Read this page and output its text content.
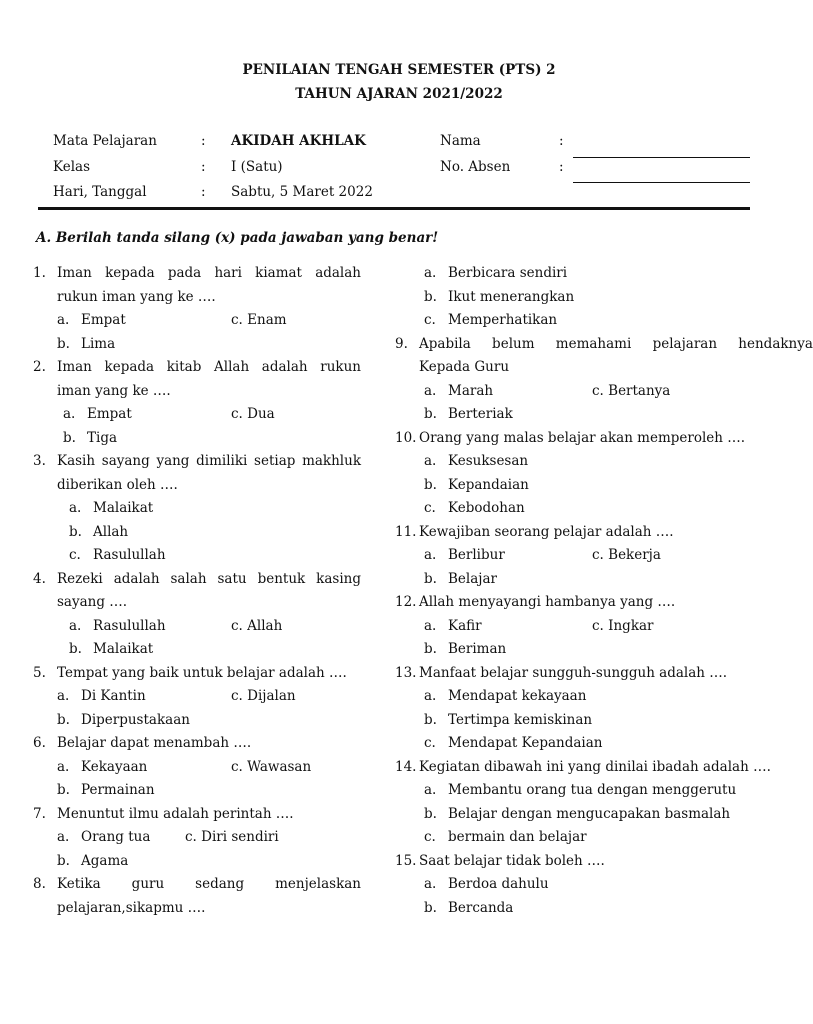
PENILAIAN TENGAH SEMESTER (PTS) 2
TAHUN AJARAN 2021/2022
Mata Pelajaran	: AKIDAH AKHLAK
Kelas	: I (Satu)
Hari, Tanggal	: Sabtu, 5 Maret 2022
Nama	:
No. Absen	:
A. Berilah tanda silang (x) pada jawaban yang benar!
1. Iman kepada pada hari kiamat adalah
rukun iman yang ke ….
a. Empat	c. Enam
b. Lima
2. Iman kepada kitab Allah adalah rukun
iman yang ke ….
a. Empat	c. Dua
b. Tiga
3. Kasih sayang yang dimiliki setiap makhluk
diberikan oleh ….
a. Malaikat
b. Allah
c. Rasulullah
4. Rezeki adalah salah satu bentuk kasing
sayang ….
a. Rasulullah	c. Allah
b. Malaikat
5. Tempat yang baik untuk belajar adalah ….
a. Di Kantin	c. Dijalan
b. Diperpustakaan
6. Belajar dapat menambah ….
a. Kekayaan	c. Wawasan
b. Permainan
7. Menuntut ilmu adalah perintah ….
a. Orang tua	c. Diri sendiri
b. Agama
8. Ketika guru sedang menjelaskan
pelajaran,sikapmu ….
a. Berbicara sendiri
b. Ikut menerangkan
c. Memperhatikan
9. Apabila belum memahami pelajaran hendaknya
Kepada Guru
a. Marah	c. Bertanya
b. Berteriak
10. Orang yang malas belajar akan memperoleh ….
a. Kesuksesan
b. Kepandaian
c. Kebodohan
11. Kewajiban seorang pelajar adalah ….
a. Berlibur	c. Bekerja
b. Belajar
12. Allah menyayangi hambanya yang ….
a. Kafir	c. Ingkar
b. Beriman
13. Manfaat belajar sungguh-sungguh adalah ….
a. Mendapat kekayaan
b. Tertimpa kemiskinan
c. Mendapat Kepandaian
14. Kegiatan dibawah ini yang dinilai ibadah adalah ….
a. Membantu orang tua dengan menggerutu
b. Belajar dengan mengucapakan basmalah
c. bermain dan belajar
15. Saat belajar tidak boleh ….
a. Berdoa dahulu
b. Bercanda
